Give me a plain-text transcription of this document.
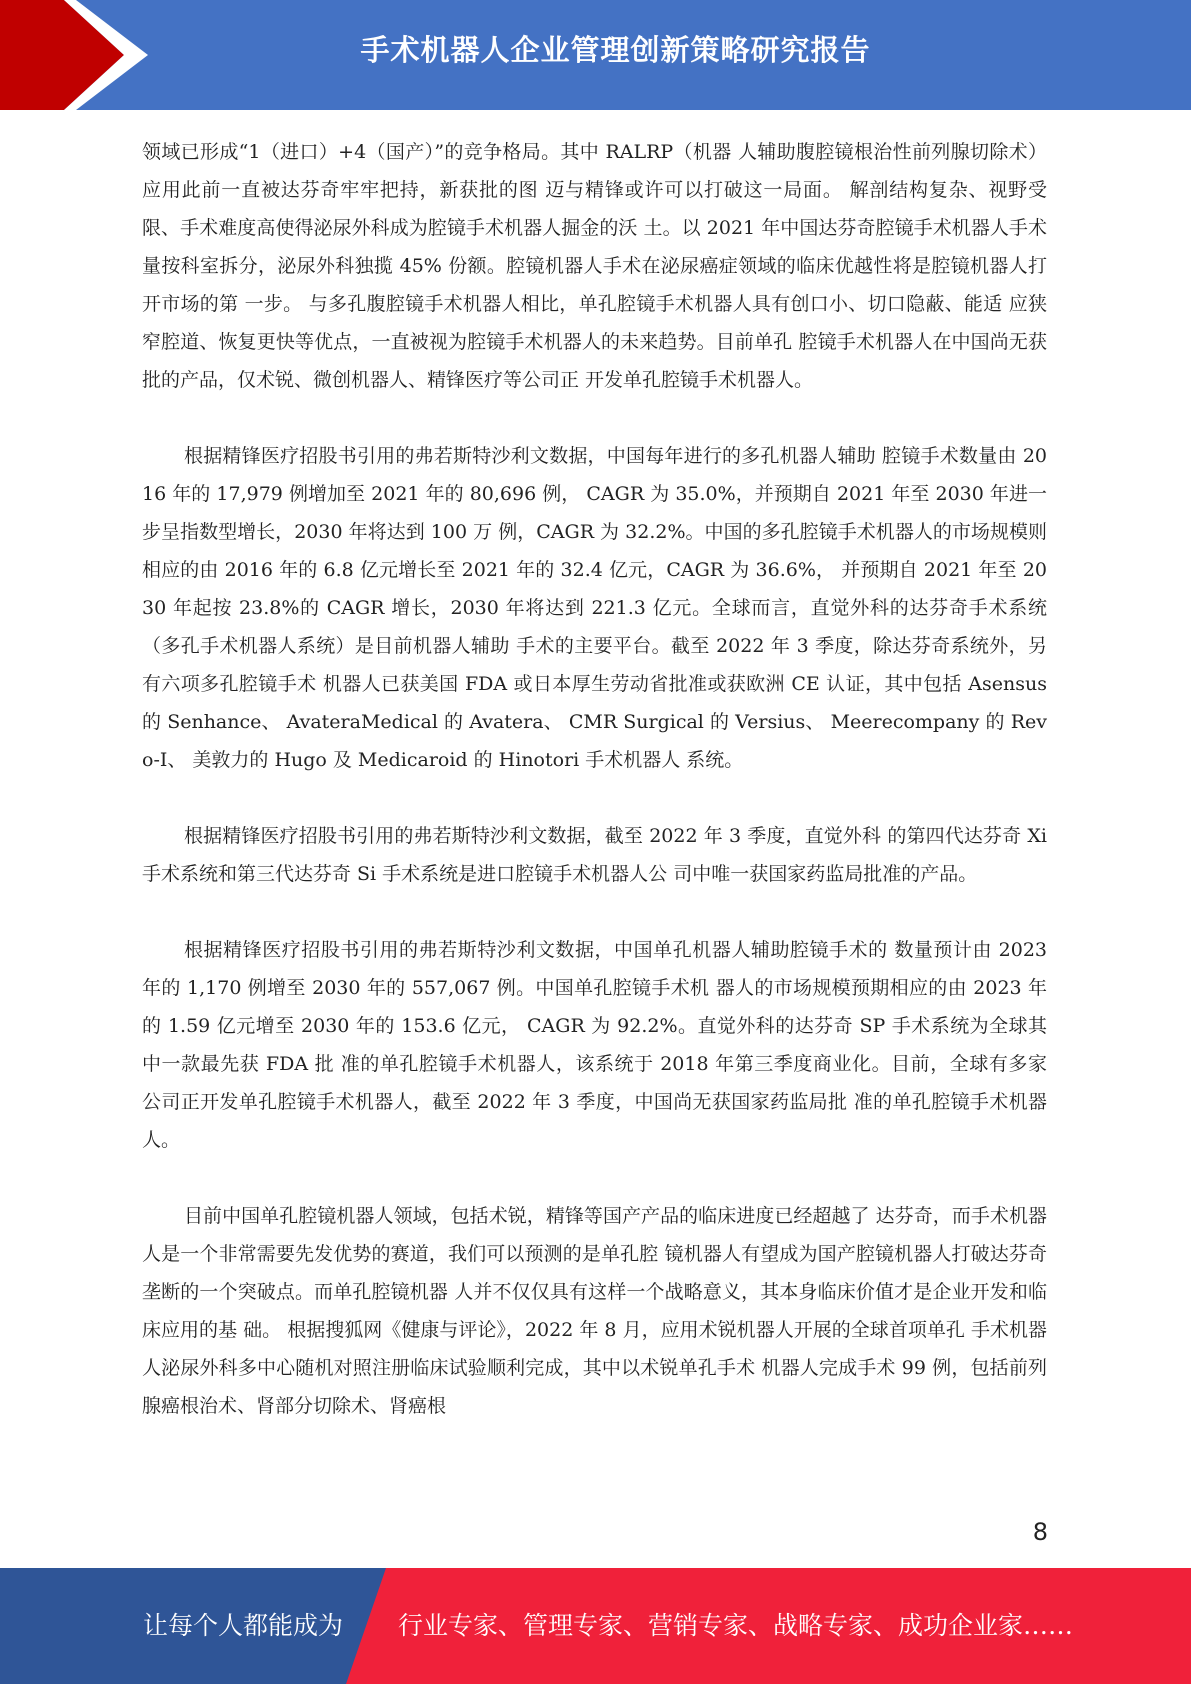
手术机器人企业管理创新策略研究报告

领域已形成“1（进口）+4（国产）”的竞争格局。其中 RALRP（机器 人辅助腹腔镜根治性前列腺切除术）应用此前一直被达芬奇牢牢把持，新获批的图 迈与精锋或许可以打破这一局面。 解剖结构复杂、视野受限、手术难度高使得泌尿外科成为腔镜手术机器人掘金的沃 土。以 2021 年中国达芬奇腔镜手术机器人手术量按科室拆分，泌尿外科独揽 45% 份额。腔镜机器人手术在泌尿癌症领域的临床优越性将是腔镜机器人打开市场的第 一步。 与多孔腹腔镜手术机器人相比，单孔腔镜手术机器人具有创口小、切口隐蔽、能适 应狭窄腔道、恢复更快等优点，一直被视为腔镜手术机器人的未来趋势。目前单孔 腔镜手术机器人在中国尚无获批的产品，仅术锐、微创机器人、精锋医疗等公司正 开发单孔腔镜手术机器人。

根据精锋医疗招股书引用的弗若斯特沙利文数据，中国每年进行的多孔机器人辅助 腔镜手术数量由 2016 年的 17,979 例增加至 2021 年的 80,696 例， CAGR 为 35.0%，并预期自 2021 年至 2030 年进一步呈指数型增长，2030 年将达到 100 万 例，CAGR 为 32.2%。中国的多孔腔镜手术机器人的市场规模则相应的由 2016 年的 6.8 亿元增长至 2021 年的 32.4 亿元，CAGR 为 36.6%， 并预期自 2021 年至 2030 年起按 23.8%的 CAGR 增长，2030 年将达到 221.3 亿元。全球而言，直觉外科的达芬奇手术系统（多孔手术机器人系统）是目前机器人辅助 手术的主要平台。截至 2022 年 3 季度，除达芬奇系统外，另有六项多孔腔镜手术 机器人已获美国 FDA 或日本厚生劳动省批准或获欧洲 CE 认证，其中包括 Asensus 的 Senhance、 AvateraMedical 的 Avatera、 CMR Surgical 的 Versius、 Meerecompany 的 Revo-I、 美敦力的 Hugo 及 Medicaroid 的 Hinotori 手术机器人 系统。

根据精锋医疗招股书引用的弗若斯特沙利文数据，截至 2022 年 3 季度，直觉外科 的第四代达芬奇 Xi 手术系统和第三代达芬奇 Si 手术系统是进口腔镜手术机器人公 司中唯一获国家药监局批准的产品。

根据精锋医疗招股书引用的弗若斯特沙利文数据，中国单孔机器人辅助腔镜手术的 数量预计由 2023 年的 1,170 例增至 2030 年的 557,067 例。中国单孔腔镜手术机 器人的市场规模预期相应的由 2023 年的 1.59 亿元增至 2030 年的 153.6 亿元， CAGR 为 92.2%。直觉外科的达芬奇 SP 手术系统为全球其中一款最先获 FDA 批 准的单孔腔镜手术机器人，该系统于 2018 年第三季度商业化。目前，全球有多家 公司正开发单孔腔镜手术机器人，截至 2022 年 3 季度，中国尚无获国家药监局批 准的单孔腔镜手术机器人。

目前中国单孔腔镜机器人领域，包括术锐，精锋等国产产品的临床进度已经超越了 达芬奇，而手术机器人是一个非常需要先发优势的赛道，我们可以预测的是单孔腔 镜机器人有望成为国产腔镜机器人打破达芬奇垄断的一个突破点。而单孔腔镜机器 人并不仅仅具有这样一个战略意义，其本身临床价值才是企业开发和临床应用的基 础。 根据搜狐网《健康与评论》，2022 年 8 月，应用术锐机器人开展的全球首项单孔 手术机器人泌尿外科多中心随机对照注册临床试验顺利完成，其中以术锐单孔手术 机器人完成手术 99 例，包括前列腺癌根治术、肾部分切除术、肾癌根

8
让每个人都能成为 行业专家、管理专家、营销专家、战略专家、成功企业家……
